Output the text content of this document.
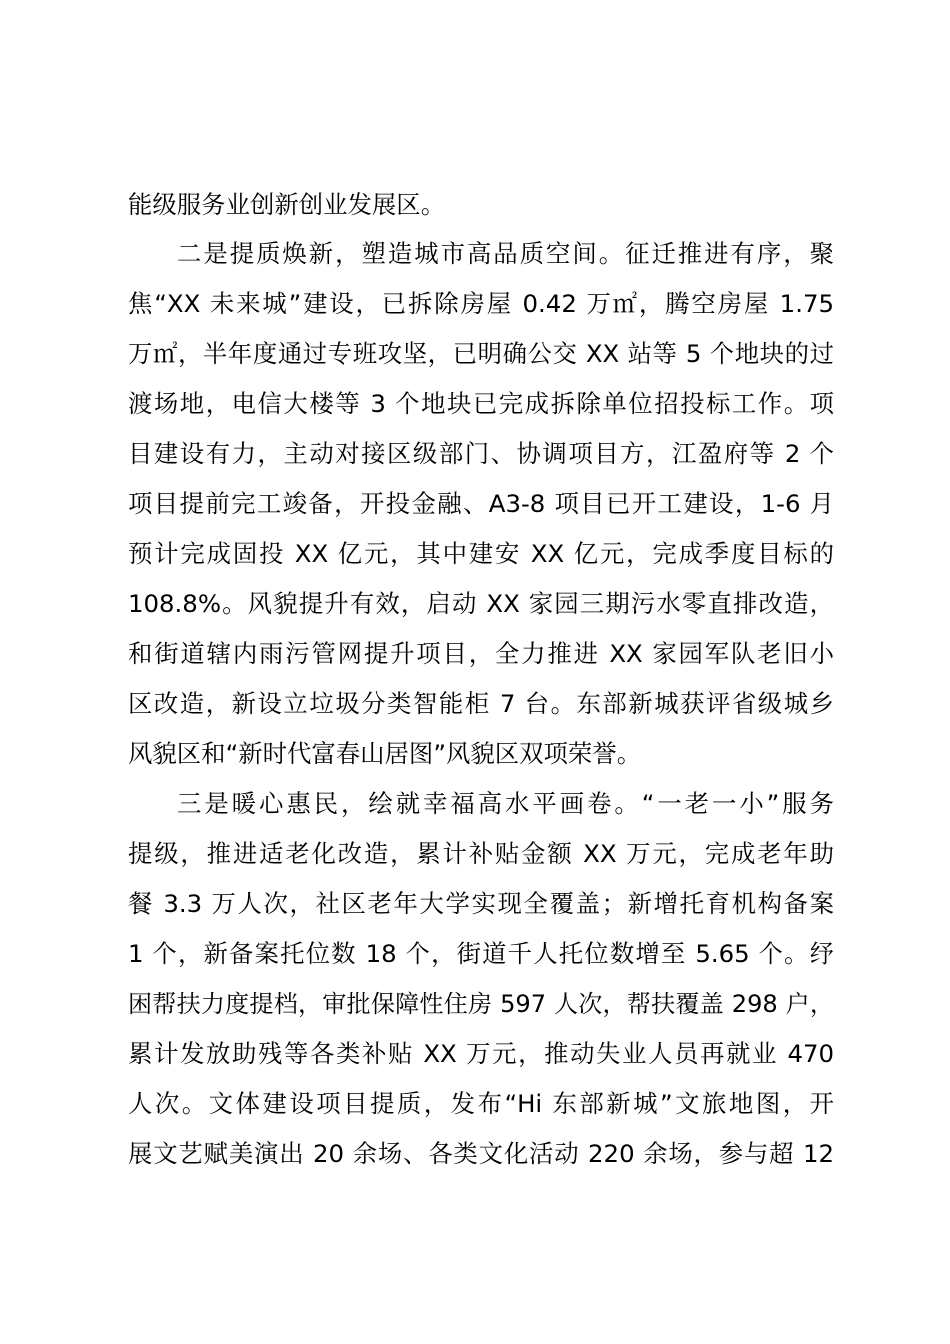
能级服务业创新创业发展区。
二是提质焕新，塑造城市高品质空间。征迁推进有序，聚
焦“XX 未来城”建设，已拆除房屋 0.42 万㎡，腾空房屋 1.75
万㎡，半年度通过专班攻坚，已明确公交 XX 站等 5 个地块的过
渡场地，电信大楼等 3 个地块已完成拆除单位招投标工作。项
目建设有力，主动对接区级部门、协调项目方，江盈府等 2 个
项目提前完工竣备，开投金融、A3-8 项目已开工建设，1-6 月
预计完成固投 XX 亿元，其中建安 XX 亿元，完成季度目标的
108.8%。风貌提升有效，启动 XX 家园三期污水零直排改造，
和街道辖内雨污管网提升项目，全力推进 XX 家园军队老旧小
区改造，新设立垃圾分类智能柜 7 台。东部新城获评省级城乡
风貌区和“新时代富春山居图”风貌区双项荣誉。
三是暖心惠民，绘就幸福高水平画卷。“一老一小”服务
提级，推进适老化改造，累计补贴金额 XX 万元，完成老年助
餐 3.3 万人次，社区老年大学实现全覆盖；新增托育机构备案
1 个，新备案托位数 18 个，街道千人托位数增至 5.65 个。纾
困帮扶力度提档，审批保障性住房 597 人次，帮扶覆盖 298 户，
累计发放助残等各类补贴 XX 万元，推动失业人员再就业 470
人次。文体建设项目提质，发布“Hi 东部新城”文旅地图，开
展文艺赋美演出 20 余场、各类文化活动 220 余场，参与超 12
